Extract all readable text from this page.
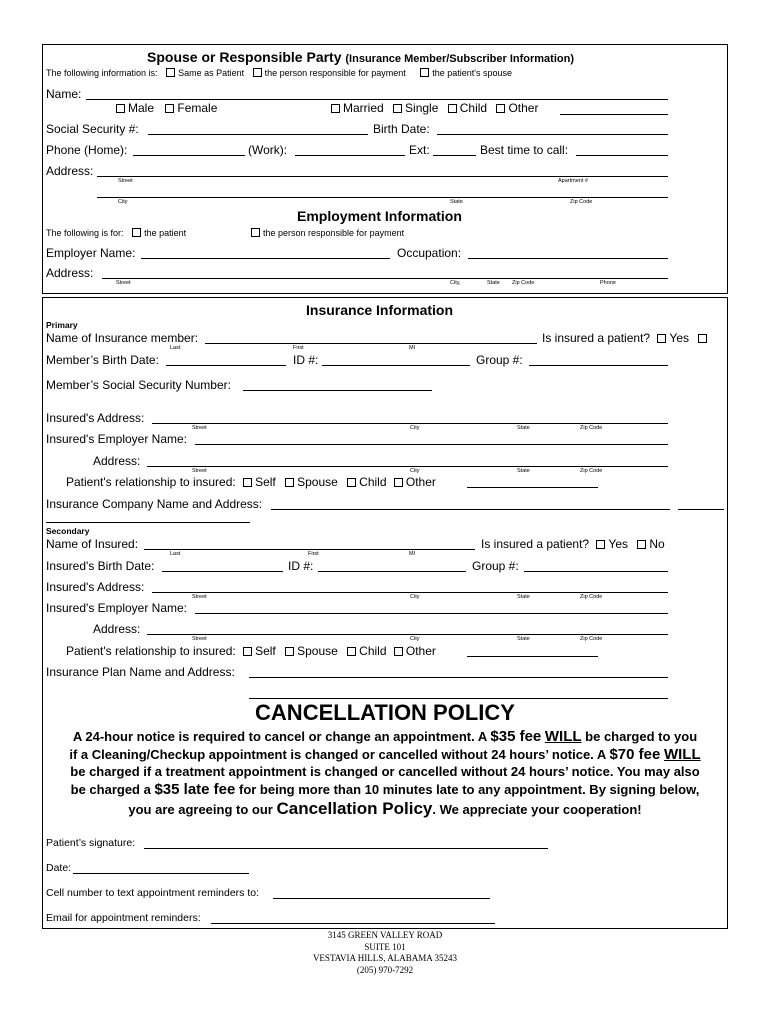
Spouse or Responsible Party (Insurance Member/Subscriber Information)
The following information is: Same as Patient the person responsible for payment	the patient's spouse
Name:
Male Female	Married Single Child Other
Social Security #:	Birth Date:
Phone (Home):	(Work):	Ext:	Best time to call:
Address:
Street	Apartment #
City	State	Zip Code
Employment Information
The following is for: the patient	the person responsible for payment
Employer Name:	Occupation:
Address:
Street	City,	State Zip Code	Phone
Insurance Information
Primary
Name of Insurance member:
Last	First	MI
Is insured a patient? Yes
Member’s Birth Date:	ID #:	Group #:
Member’s Social Security Number:
Insured's Address:
Street	City	State	Zip Code
Insured's Employer Name:
Address:
Street	City	State	Zip Code
Patient's relationship to insured: Self Spouse Child Other
Insurance Company Name and Address:
Secondary
Name of Insured:
Last	First	MI
Is insured a patient? Yes No
Insured's Birth Date:	ID #:	Group #:
Insured's Address:
Street	City	State	Zip Code
Insured's Employer Name:
Address:
Street	City	State	Zip Code
Patient's relationship to insured: Self Spouse Child Other
Insurance Plan Name and Address:
CANCELLATION POLICY
A 24-hour notice is required to cancel or change an appointment. A $35 fee WILL be charged to you
if a Cleaning/Checkup appointment is changed or cancelled without 24 hours’ notice. A $70 fee WILL
be charged if a treatment appointment is changed or cancelled without 24 hours’ notice. You may also
be charged a $35 late fee for being more than 10 minutes late to any appointment. By signing below,
you are agreeing to our Cancellation Policy. We appreciate your cooperation!
Patient’s signature:
Date:
Cell number to text appointment reminders to:
Email for appointment reminders:
3145 GREEN VALLEY ROAD
SUITE 101
VESTAVIA HILLS, ALABAMA 35243
(205) 970-7292
